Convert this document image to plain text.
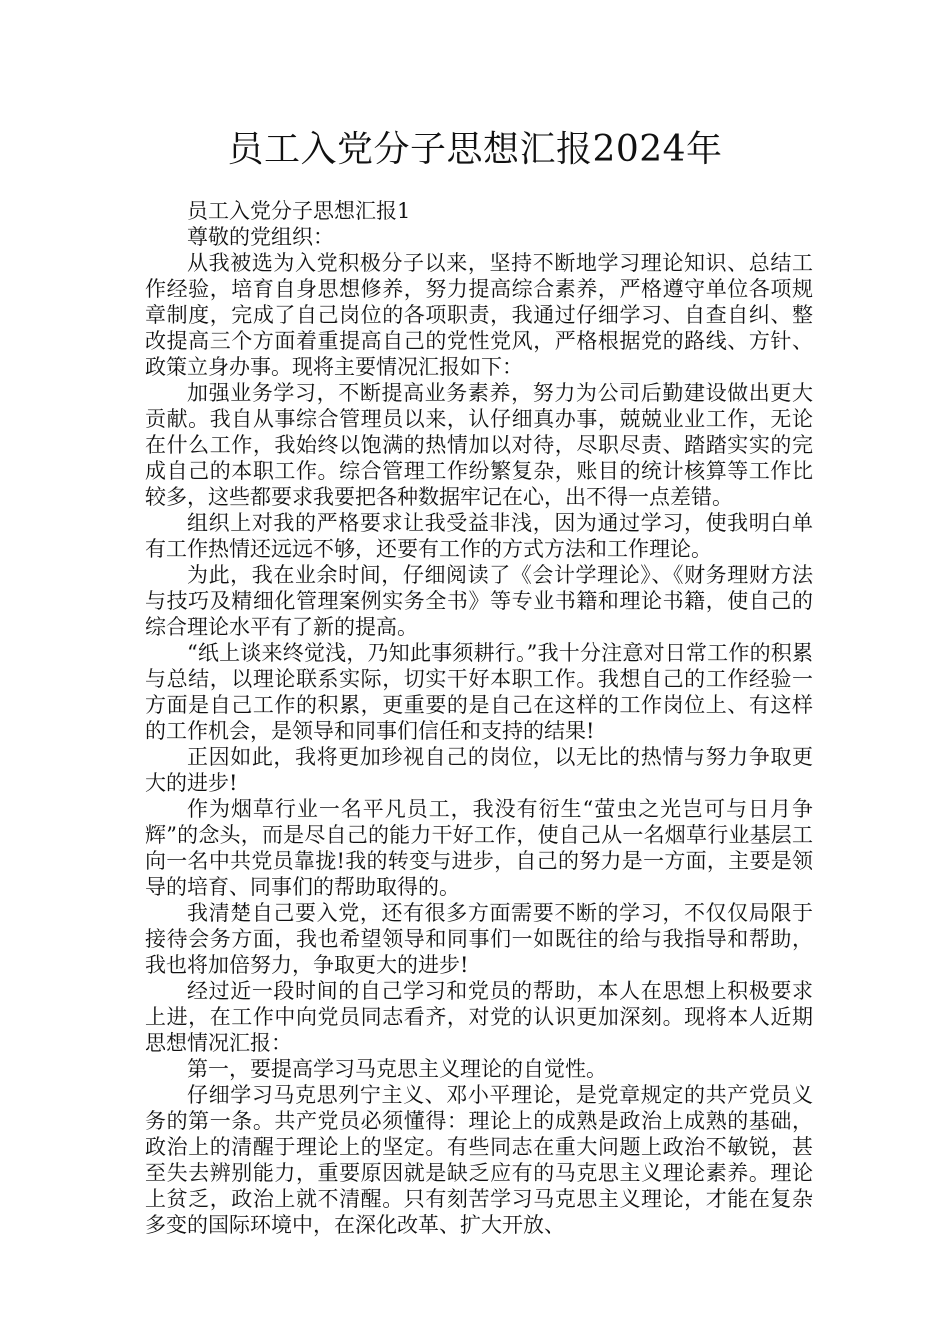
员工入党分子思想汇报2024年

员工入党分子思想汇报1

尊敬的党组织：

从我被选为入党积极分子以来，坚持不断地学习理论知识、总结工作经验，培育自身思想修养，努力提高综合素养，严格遵守单位各项规章制度，完成了自己岗位的各项职责，我通过仔细学习、自查自纠、整改提高三个方面着重提高自己的党性党风，严格根据党的路线、方针、政策立身办事。现将主要情况汇报如下：

加强业务学习，不断提高业务素养，努力为公司后勤建设做出更大贡献。我自从事综合管理员以来，认仔细真办事，兢兢业业工作，无论在什么工作，我始终以饱满的热情加以对待，尽职尽责、踏踏实实的完成自己的本职工作。综合管理工作纷繁复杂，账目的统计核算等工作比较多，这些都要求我要把各种数据牢记在心，出不得一点差错。

组织上对我的严格要求让我受益非浅，因为通过学习，使我明白单有工作热情还远远不够，还要有工作的方式方法和工作理论。

为此，我在业余时间，仔细阅读了《会计学理论》、《财务理财方法与技巧及精细化管理案例实务全书》等专业书籍和理论书籍，使自己的综合理论水平有了新的提高。

“纸上谈来终觉浅，乃知此事须耕行。”我十分注意对日常工作的积累与总结，以理论联系实际，切实干好本职工作。我想自己的工作经验一方面是自己工作的积累，更重要的是自己在这样的工作岗位上、有这样的工作机会，是领导和同事们信任和支持的结果!

正因如此，我将更加珍视自己的岗位，以无比的热情与努力争取更大的进步!

作为烟草行业一名平凡员工，我没有衍生“萤虫之光岂可与日月争辉”的念头，而是尽自己的能力干好工作，使自己从一名烟草行业基层工向一名中共党员靠拢!我的转变与进步，自己的努力是一方面，主要是领导的培育、同事们的帮助取得的。

我清楚自己要入党，还有很多方面需要不断的学习，不仅仅局限于接待会务方面，我也希望领导和同事们一如既往的给与我指导和帮助，我也将加倍努力，争取更大的进步!

经过近一段时间的自己学习和党员的帮助，本人在思想上积极要求上进，在工作中向党员同志看齐，对党的认识更加深刻。现将本人近期思想情况汇报：

第一，要提高学习马克思主义理论的自觉性。

仔细学习马克思列宁主义、邓小平理论，是党章规定的共产党员义务的第一条。共产党员必须懂得：理论上的成熟是政治上成熟的基础，政治上的清醒于理论上的坚定。有些同志在重大问题上政治不敏锐，甚至失去辨别能力，重要原因就是缺乏应有的马克思主义理论素养。理论上贫乏，政治上就不清醒。只有刻苦学习马克思主义理论，才能在复杂多变的国际环境中，在深化改革、扩大开放、
